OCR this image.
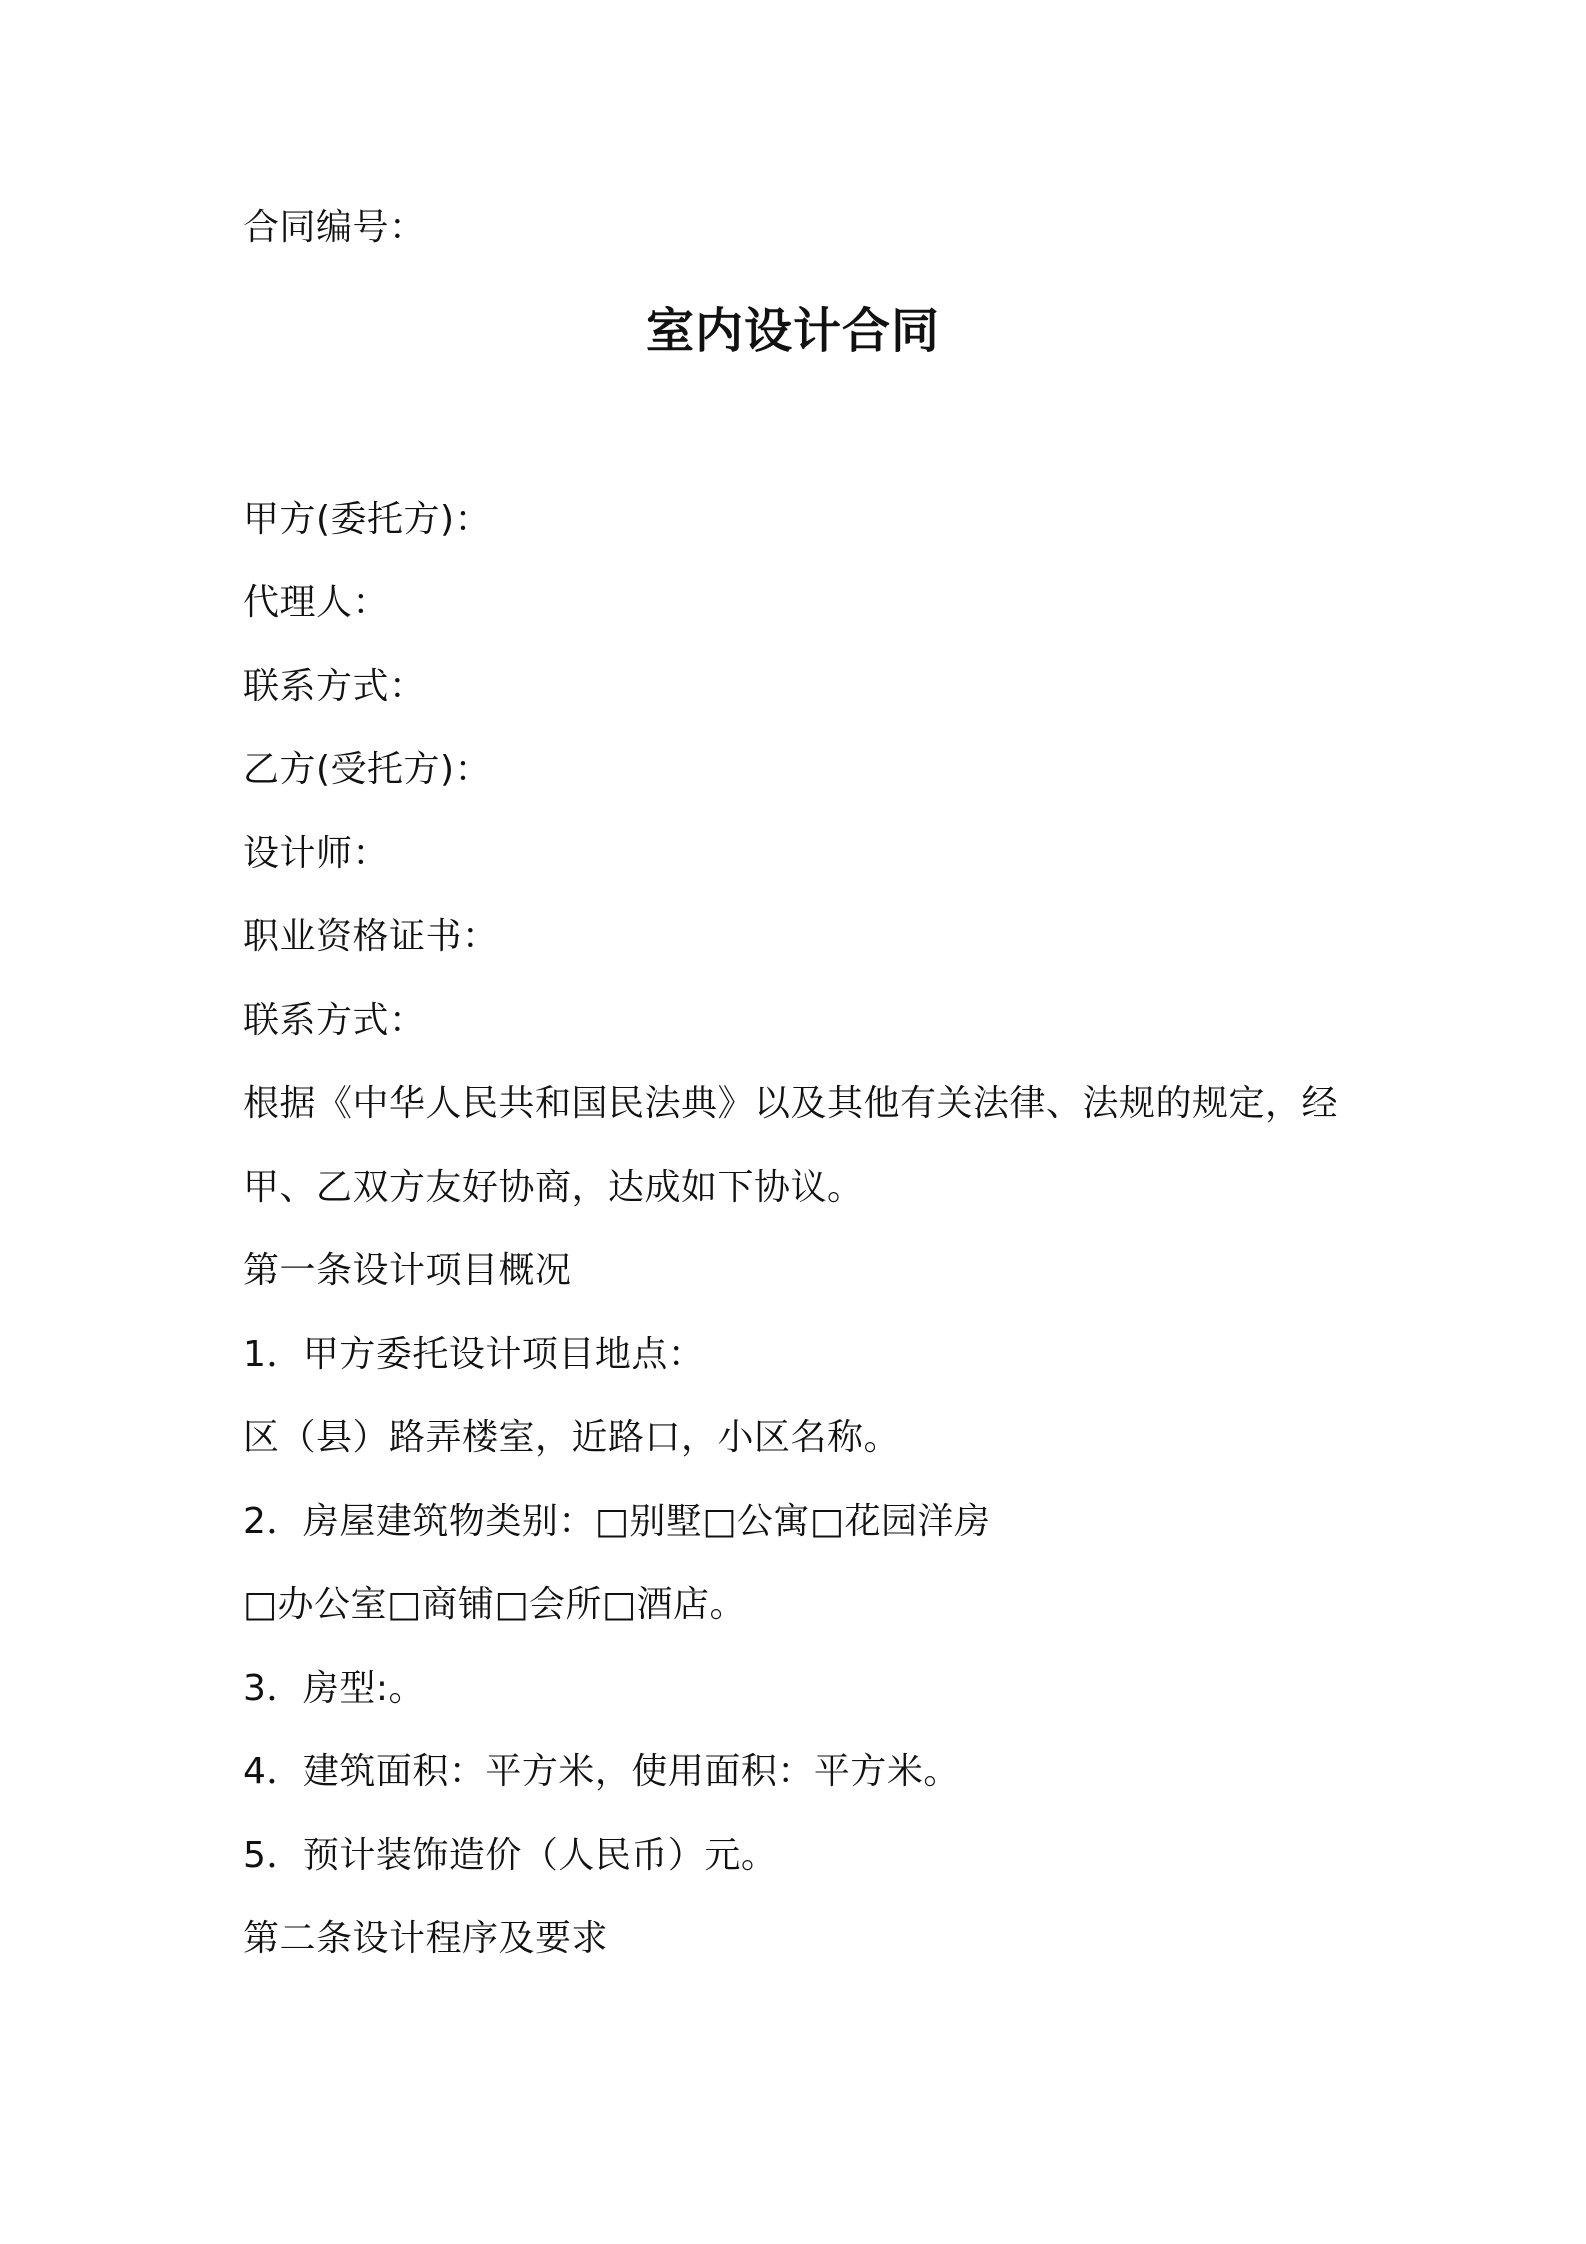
合同编号：
室内设计合同
甲方(委托方)：
代理人：
联系方式：
乙方(受托方)：
设计师：
职业资格证书：
联系方式：
根据《中华人民共和国民法典》以及其他有关法律、法规的规定，经
甲、乙双方友好协商，达成如下协议。
第一条设计项目概况
1．甲方委托设计项目地点：
区（县）路弄楼室，近路口，小区名称。
2．房屋建筑物类别：□别墅□公寓□花园洋房
□办公室□商铺□会所□酒店。
3．房型:。
4．建筑面积：平方米，使用面积：平方米。
5．预计装饰造价（人民币）元。
第二条设计程序及要求
